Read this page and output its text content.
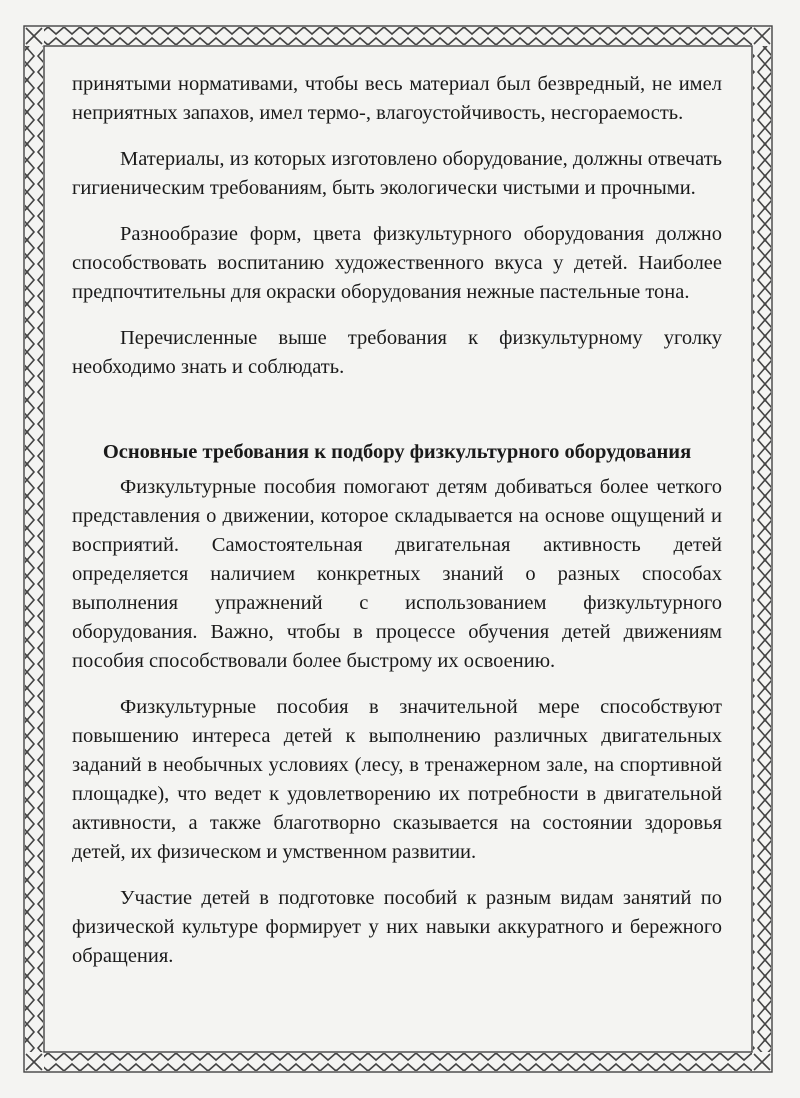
принятыми нормативами, чтобы весь материал был безвредный, не имел неприятных запахов, имел термо-, влагоустойчивость, несгораемость.

Материалы, из которых изготовлено оборудование, должны отвечать гигиеническим требованиям, быть экологически чистыми и прочными.

Разнообразие форм, цвета физкультурного оборудования должно способствовать воспитанию художественного вкуса у детей. Наиболее предпочтительны для окраски оборудования нежные пастельные тона.

Перечисленные выше требования к физкультурному уголку необходимо знать и соблюдать.

Основные требования к подбору физкультурного оборудования

Физкультурные пособия помогают детям добиваться более четкого представления о движении, которое складывается на основе ощущений и восприятий. Самостоятельная двигательная активность детей определяется наличием конкретных знаний о разных способах выполнения упражнений с использованием физкультурного оборудования. Важно, чтобы в процессе обучения детей движениям пособия способствовали более быстрому их освоению.

Физкультурные пособия в значительной мере способствуют повышению интереса детей к выполнению различных двигательных заданий в необычных условиях (лесу, в тренажерном зале, на спортивной площадке), что ведет к удовлетворению их потребности в двигательной активности, а также благотворно сказывается на состоянии здоровья детей, их физическом и умственном развитии.

Участие детей в подготовке пособий к разным видам занятий по физической культуре формирует у них навыки аккуратного и бережного обращения.
